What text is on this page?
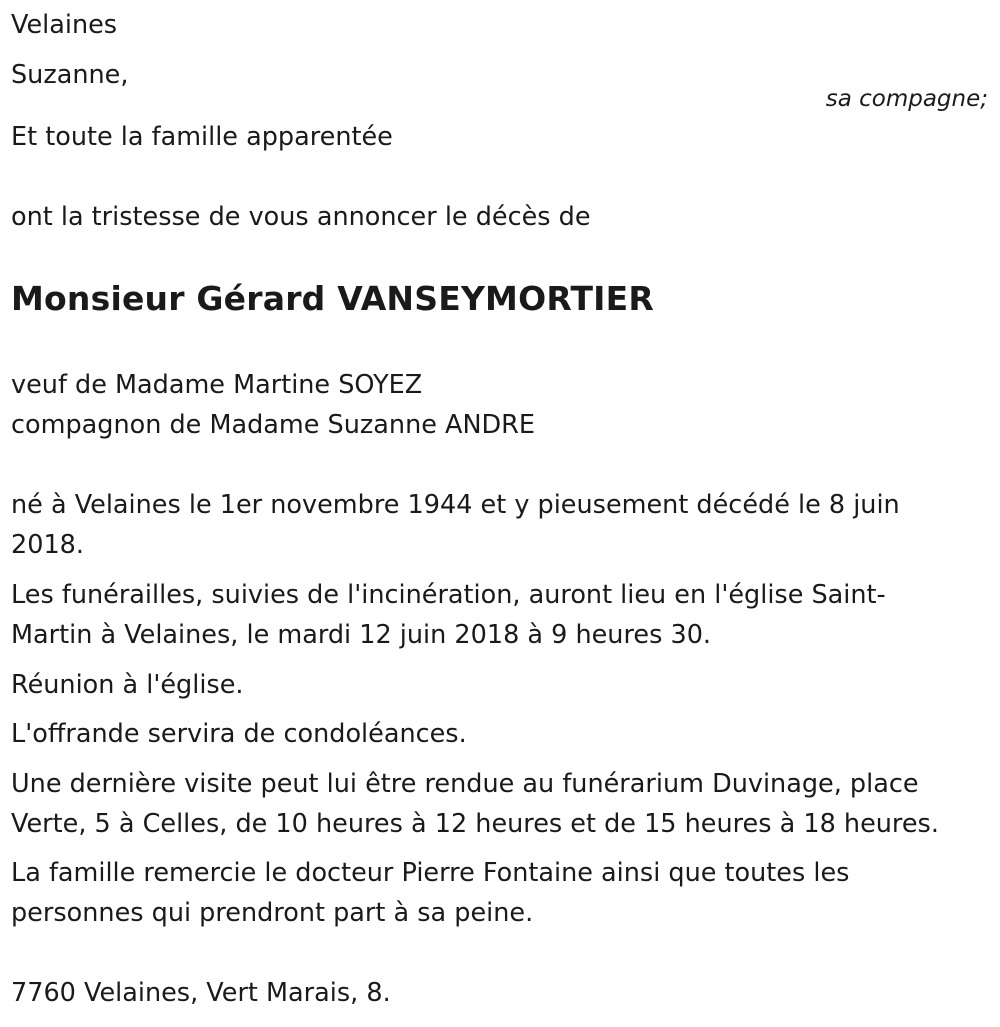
Velaines

Suzanne,

sa compagne;

Et toute la famille apparentée

ont la tristesse de vous annoncer le décès de

Monsieur Gérard VANSEYMORTIER

veuf de Madame Martine SOYEZ

compagnon de Madame Suzanne ANDRE

né à Velaines le 1er novembre 1944 et y pieusement décédé le 8 juin

2018.

Les funérailles, suivies de l'incinération, auront lieu en l'église Saint-

Martin à Velaines, le mardi 12 juin 2018 à 9 heures 30.

Réunion à l'église.

L'offrande servira de condoléances.

Une dernière visite peut lui être rendue au funérarium Duvinage, place

Verte, 5 à Celles, de 10 heures à 12 heures et de 15 heures à 18 heures.

La famille remercie le docteur Pierre Fontaine ainsi que toutes les

personnes qui prendront part à sa peine.

7760 Velaines, Vert Marais, 8.
